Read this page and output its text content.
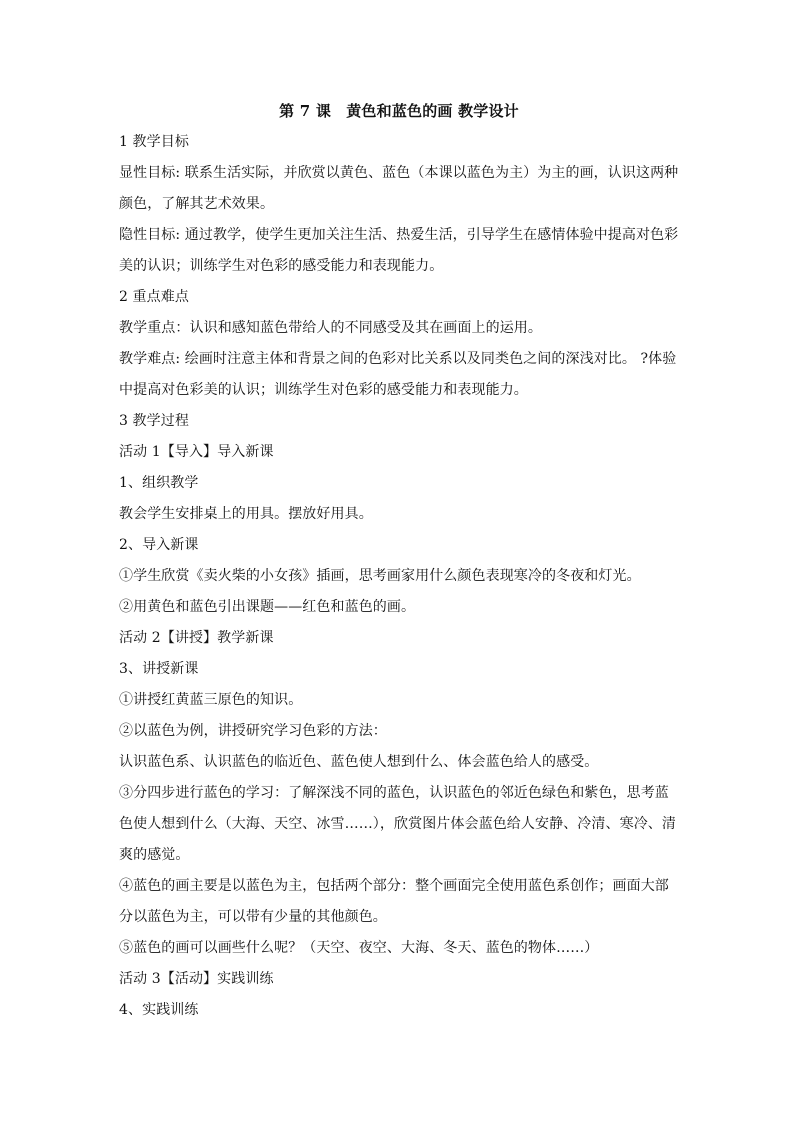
第 7 课　黄色和蓝色的画 教学设计

1 教学目标

显性目标: 联系生活实际，并欣赏以黄色、蓝色（本课以蓝色为主）为主的画，认识这两种

颜色，了解其艺术效果。

隐性目标: 通过教学，使学生更加关注生活、热爱生活，引导学生在感情体验中提高对色彩

美的认识；训练学生对色彩的感受能力和表现能力。

2 重点难点

教学重点：认识和感知蓝色带给人的不同感受及其在画面上的运用。

教学难点: 绘画时注意主体和背景之间的色彩对比关系以及同类色之间的深浅对比。 ?体验

中提高对色彩美的认识；训练学生对色彩的感受能力和表现能力。

3 教学过程

活动 1【导入】导入新课

1、组织教学

教会学生安排桌上的用具。摆放好用具。

2、导入新课

①学生欣赏《卖火柴的小女孩》插画，思考画家用什么颜色表现寒冷的冬夜和灯光。

②用黄色和蓝色引出课题——红色和蓝色的画。

活动 2【讲授】教学新课

3、讲授新课

①讲授红黄蓝三原色的知识。

②以蓝色为例，讲授研究学习色彩的方法：

认识蓝色系、认识蓝色的临近色、蓝色使人想到什么、体会蓝色给人的感受。

③分四步进行蓝色的学习：了解深浅不同的蓝色，认识蓝色的邻近色绿色和紫色，思考蓝

色使人想到什么（大海、天空、冰雪……），欣赏图片体会蓝色给人安静、冷清、寒冷、清

爽的感觉。

④蓝色的画主要是以蓝色为主，包括两个部分：整个画面完全使用蓝色系创作；画面大部

分以蓝色为主，可以带有少量的其他颜色。

⑤蓝色的画可以画些什么呢？（天空、夜空、大海、冬天、蓝色的物体……）

活动 3【活动】实践训练

4、实践训练
